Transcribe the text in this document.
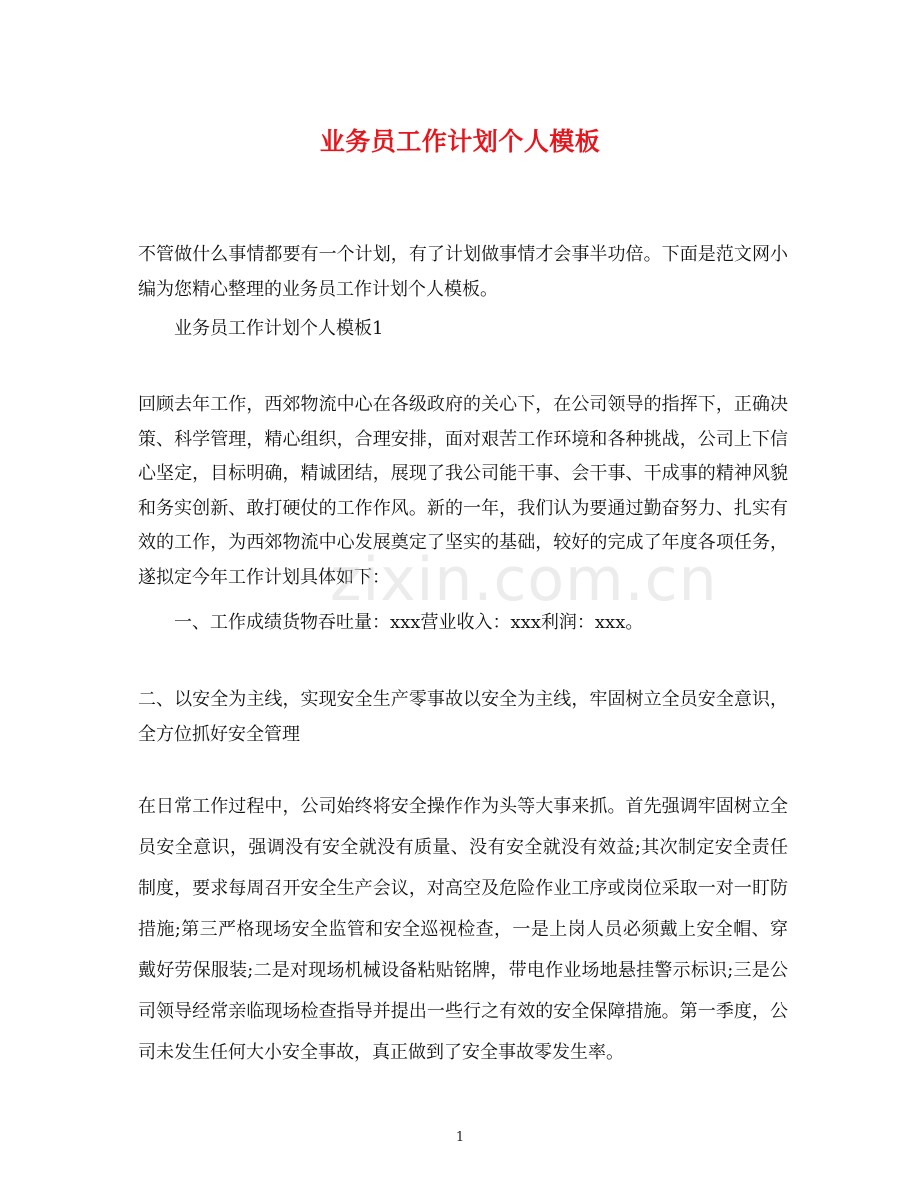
业务员工作计划个人模板
不管做什么事情都要有一个计划，有了计划做事情才会事半功倍。下面是范文网小编为您精心整理的业务员工作计划个人模板。
业务员工作计划个人模板1
回顾去年工作，西郊物流中心在各级政府的关心下，在公司领导的指挥下，正确决策、科学管理，精心组织，合理安排，面对艰苦工作环境和各种挑战，公司上下信心坚定，目标明确，精诚团结，展现了我公司能干事、会干事、干成事的精神风貌和务实创新、敢打硬仗的工作作风。新的一年，我们认为要通过勤奋努力、扎实有效的工作，为西郊物流中心发展奠定了坚实的基础，较好的完成了年度各项任务，遂拟定今年工作计划具体如下：
一、工作成绩货物吞吐量：xxx营业收入：xxx利润：xxx。
二、以安全为主线，实现安全生产零事故以安全为主线，牢固树立全员安全意识，全方位抓好安全管理
在日常工作过程中，公司始终将安全操作作为头等大事来抓。首先强调牢固树立全员安全意识，强调没有安全就没有质量、没有安全就没有效益;其次制定安全责任制度，要求每周召开安全生产会议，对高空及危险作业工序或岗位采取一对一盯防措施;第三严格现场安全监管和安全巡视检查，一是上岗人员必须戴上安全帽、穿戴好劳保服装;二是对现场机械设备粘贴铭牌，带电作业场地悬挂警示标识;三是公司领导经常亲临现场检查指导并提出一些行之有效的安全保障措施。第一季度，公司未发生任何大小安全事故，真正做到了安全事故零发生率。
zixin.com.cn
1
